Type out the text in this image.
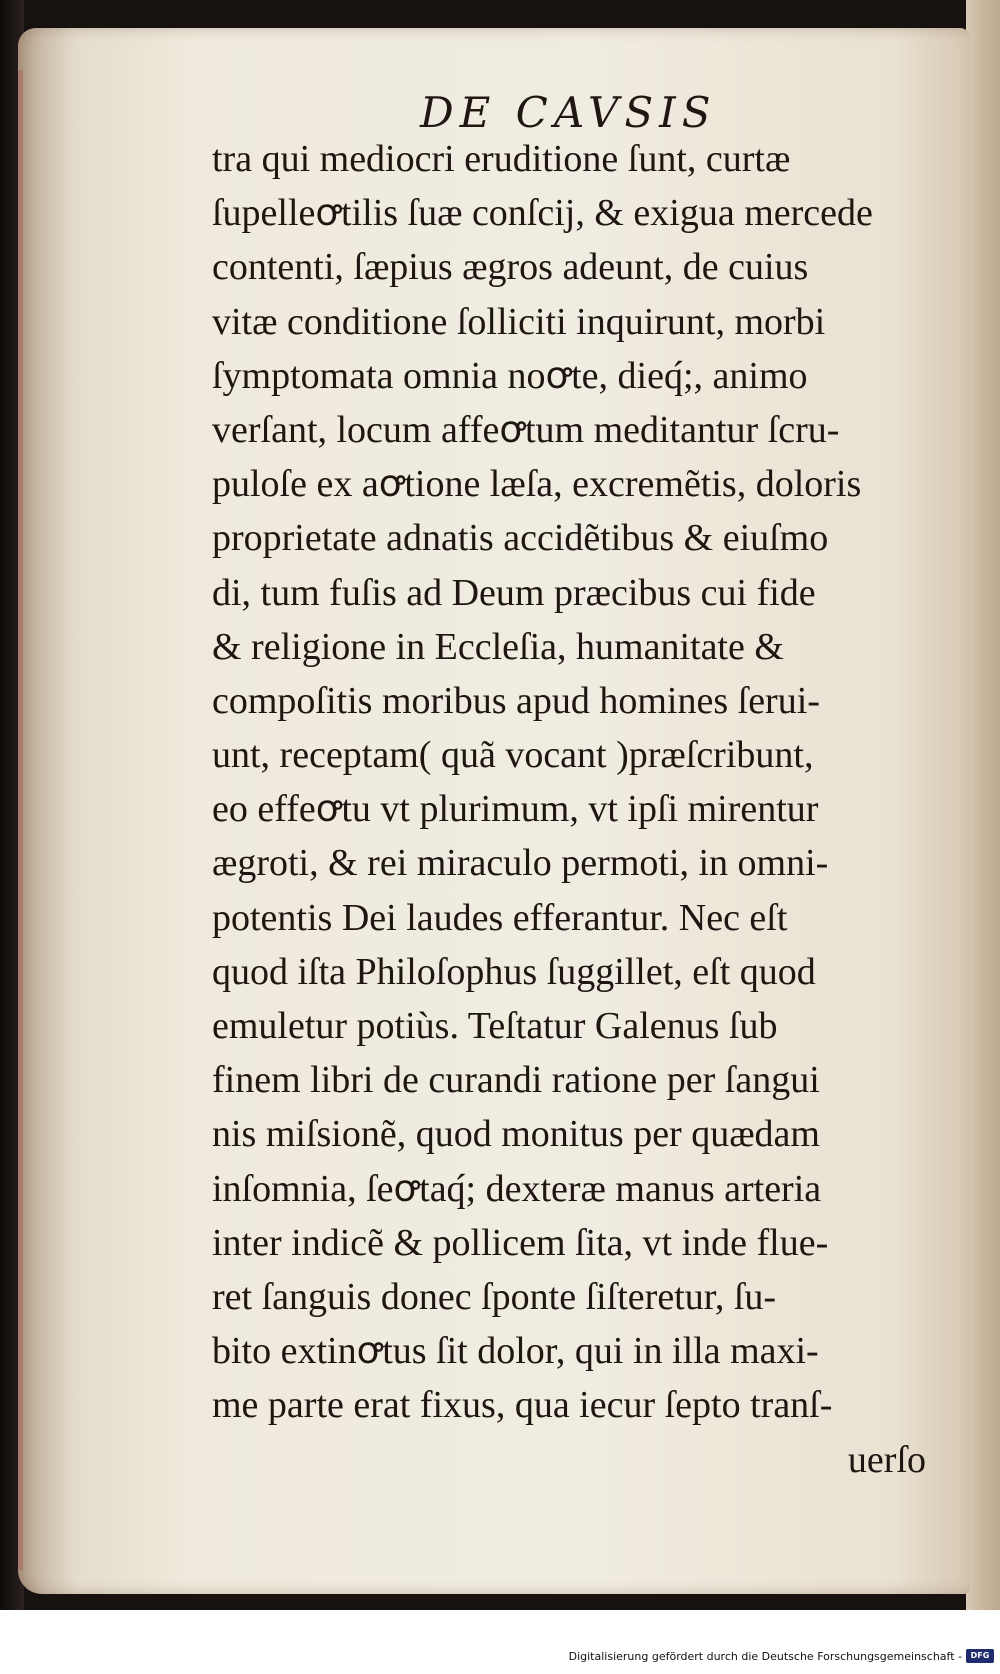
DE CAVSIS
tra qui mediocri eruditione ſunt, curtæ
ſupelleꝍtilis ſuæ conſcij, & exigua mercede
contenti, ſæpius ægros adeunt, de cuius
vitæ conditione ſolliciti inquirunt, morbi
ſymptomata omnia noꝍte, dieq́;, animo
verſant, locum affeꝍtum meditantur ſcru-
puloſe ex aꝍtione læſa, excremẽtis, doloris
proprietate adnatis accidẽtibus & eiuſmo
di, tum fuſis ad Deum præcibus cui fide
& religione in Eccleſia, humanitate &
compoſitis moribus apud homines ſerui-
unt, receptam( quã vocant )præſcribunt,
eo effeꝍtu vt plurimum, vt ipſi mirentur
ægroti, & rei miraculo permoti, in omni-
potentis Dei laudes efferantur. Nec eſt
quod iſta Philoſophus ſuggillet, eſt quod
emuletur potiùs. Teſtatur Galenus ſub
finem libri de curandi ratione per ſangui
nis miſsionẽ, quod monitus per quædam
inſomnia, ſeꝍtaq́; dexteræ manus arteria
inter indicẽ & pollicem ſita, vt inde flue-
ret ſanguis donec ſponte ſiſteretur, ſu-
bito extinꝍtus ſit dolor, qui in illa maxi-
me parte erat fixus, qua iecur ſepto tranſ-
uerſo
Digitalisierung gefördert durch die Deutsche Forschungsgemeinschaft -	DFG
